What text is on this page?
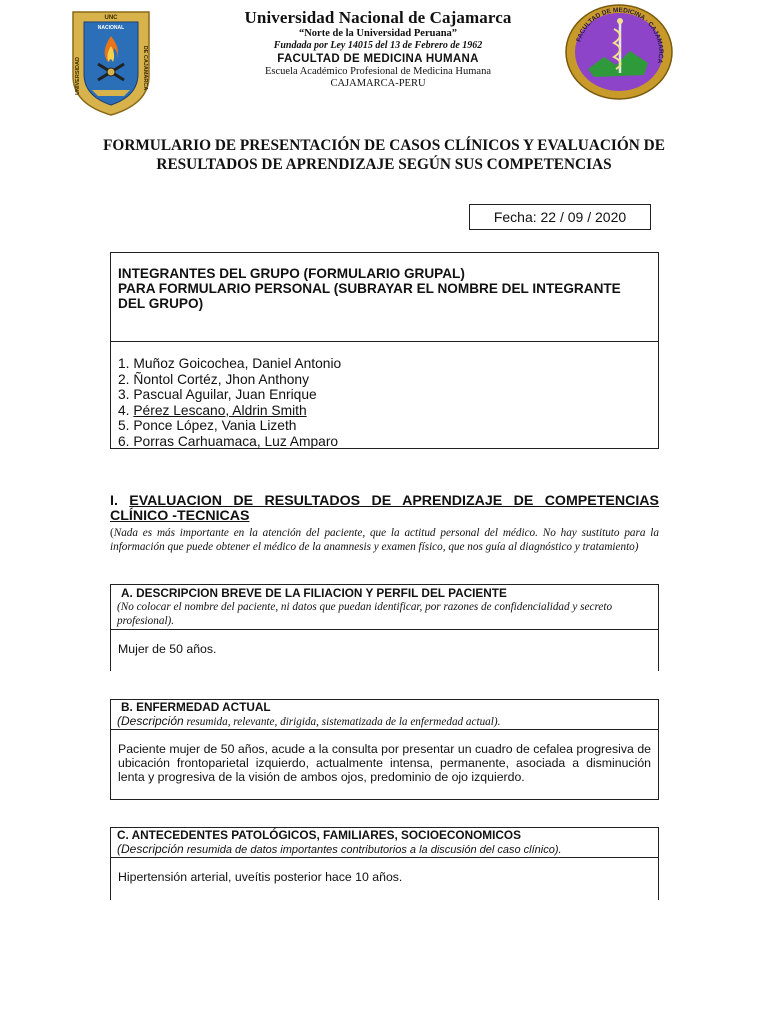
UNC
NACIONAL
UNIVERSIDAD	DE CAJAMARCA
Universidad Nacional de Cajamarca
“Norte de la Universidad Peruana”
Fundada por Ley 14015 del 13 de Febrero de 1962
FACULTAD DE MEDICINA HUMANA
Escuela Académico Profesional de Medicina Humana
CAJAMARCA-PERU
FACULTAD DE MEDICINA · CAJAMARCA
FORMULARIO DE PRESENTACIÓN DE CASOS CLÍNICOS Y EVALUACIÓN DE RESULTADOS DE APRENDIZAJE SEGÚN SUS COMPETENCIAS
Fecha: 22 / 09 / 2020
INTEGRANTES DEL GRUPO (FORMULARIO GRUPAL)
PARA FORMULARIO PERSONAL (SUBRAYAR EL NOMBRE DEL INTEGRANTE DEL GRUPO)
1. Muñoz Goicochea, Daniel Antonio
2. Ñontol Cortéz, Jhon Anthony
3. Pascual Aguilar, Juan Enrique
4. Pérez Lescano, Aldrin Smith
5. Ponce López, Vania Lizeth
6. Porras Carhuamaca, Luz Amparo
I. EVALUACION DE RESULTADOS DE APRENDIZAJE DE COMPETENCIAS CLÍNICO -TECNICAS
(Nada es más importante en la atención del paciente, que la actitud personal del médico. No hay sustituto para la información que puede obtener el médico de la anamnesis y examen físico, que nos guía al diagnóstico y tratamiento)
A. DESCRIPCION BREVE DE LA FILIACION Y PERFIL DEL PACIENTE
(No colocar el nombre del paciente, ni datos que puedan identificar, por razones de confidencialidad y secreto profesional).
Mujer de 50 años.
B. ENFERMEDAD ACTUAL
(Descripción resumida, relevante, dirigida, sistematizada de la enfermedad actual).
Paciente mujer de 50 años, acude a la consulta por presentar un cuadro de cefalea progresiva de ubicación frontoparietal izquierdo, actualmente intensa, permanente, asociada a disminución lenta y progresiva de la visión de ambos ojos, predominio de ojo izquierdo.
C. ANTECEDENTES PATOLÓGICOS, FAMILIARES, SOCIOECONOMICOS
(Descripción resumida de datos importantes contributorios a la discusión del caso clínico).
Hipertensión arterial, uveítis posterior hace 10 años.
